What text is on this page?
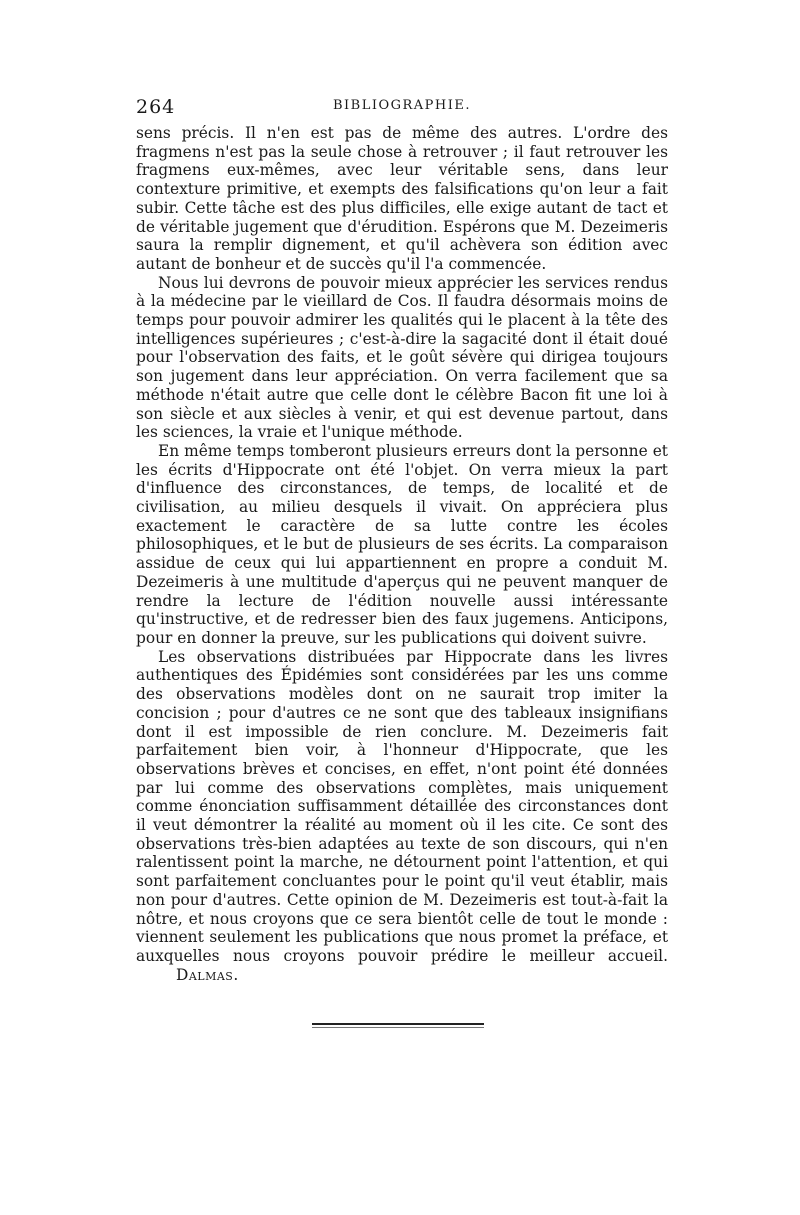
264	BIBLIOGRAPHIE.

sens précis. Il n'en est pas de même des autres. L'ordre des fragmens n'est pas la seule chose à retrouver ; il faut retrouver les fragmens eux-mêmes, avec leur véritable sens, dans leur contexture primitive, et exempts des falsifications qu'on leur a fait subir. Cette tâche est des plus difficiles, elle exige autant de tact et de véritable jugement que d'érudition. Espérons que M. Dezeimeris saura la remplir dignement, et qu'il achèvera son édition avec autant de bonheur et de succès qu'il l'a commencée.

Nous lui devrons de pouvoir mieux apprécier les services rendus à la médecine par le vieillard de Cos. Il faudra désormais moins de temps pour pouvoir admirer les qualités qui le placent à la tête des intelligences supérieures ; c'est-à-dire la sagacité dont il était doué pour l'observation des faits, et le goût sévère qui dirigea toujours son jugement dans leur appréciation. On verra facilement que sa méthode n'était autre que celle dont le célèbre Bacon fit une loi à son siècle et aux siècles à venir, et qui est devenue partout, dans les sciences, la vraie et l'unique méthode.

En même temps tomberont plusieurs erreurs dont la personne et les écrits d'Hippocrate ont été l'objet. On verra mieux la part d'influence des circonstances, de temps, de localité et de civilisation, au milieu desquels il vivait. On appréciera plus exactement le caractère de sa lutte contre les écoles philosophiques, et le but de plusieurs de ses écrits. La comparaison assidue de ceux qui lui appartiennent en propre a conduit M. Dezeimeris à une multitude d'aperçus qui ne peuvent manquer de rendre la lecture de l'édition nouvelle aussi intéressante qu'instructive, et de redresser bien des faux jugemens. Anticipons, pour en donner la preuve, sur les publications qui doivent suivre.

Les observations distribuées par Hippocrate dans les livres authentiques des Épidémies sont considérées par les uns comme des observations modèles dont on ne saurait trop imiter la concision ; pour d'autres ce ne sont que des tableaux insignifians dont il est impossible de rien conclure. M. Dezeimeris fait parfaitement bien voir, à l'honneur d'Hippocrate, que les observations brèves et concises, en effet, n'ont point été données par lui comme des observations complètes, mais uniquement comme énonciation suffisamment détaillée des circonstances dont il veut démontrer la réalité au moment où il les cite. Ce sont des observations très-bien adaptées au texte de son discours, qui n'en ralentissent point la marche, ne détournent point l'attention, et qui sont parfaitement concluantes pour le point qu'il veut établir, mais non pour d'autres. Cette opinion de M. Dezeimeris est tout-à-fait la nôtre, et nous croyons que ce sera bientôt celle de tout le monde : viennent seulement les publications que nous promet la préface, et auxquelles nous croyons pouvoir prédire le meilleur accueil.Dalmas.
